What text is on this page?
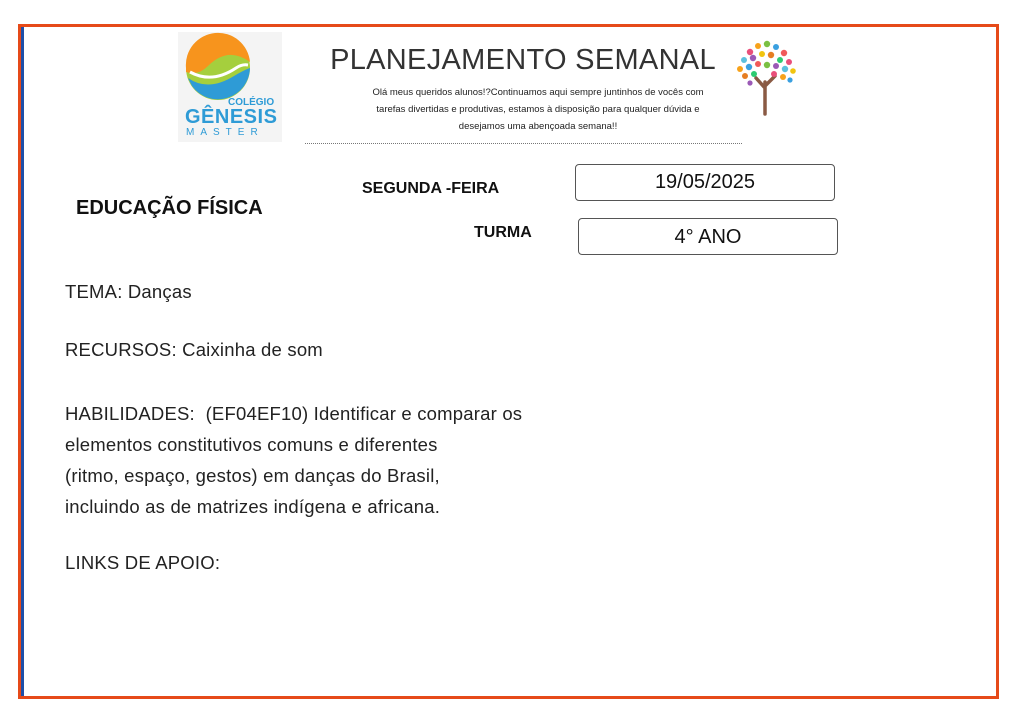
COLÉGIO
GÊNESIS
MASTER
PLANEJAMENTO SEMANAL
Olá meus queridos alunos!?Continuamos aqui sempre juntinhos de vocês com
tarefas divertidas e produtivas, estamos à disposição para qualquer dúvida e
desejamos uma abençoada semana!!
EDUCAÇÃO FÍSICA
SEGUNDA -FEIRA	19/05/2025
TURMA	4° ANO
TEMA: Danças
RECURSOS: Caixinha de som
HABILIDADES:  (EF04EF10) Identificar e comparar os
elementos constitutivos comuns e diferentes
(ritmo, espaço, gestos) em danças do Brasil,
incluindo as de matrizes indígena e africana.
LINKS DE APOIO:
